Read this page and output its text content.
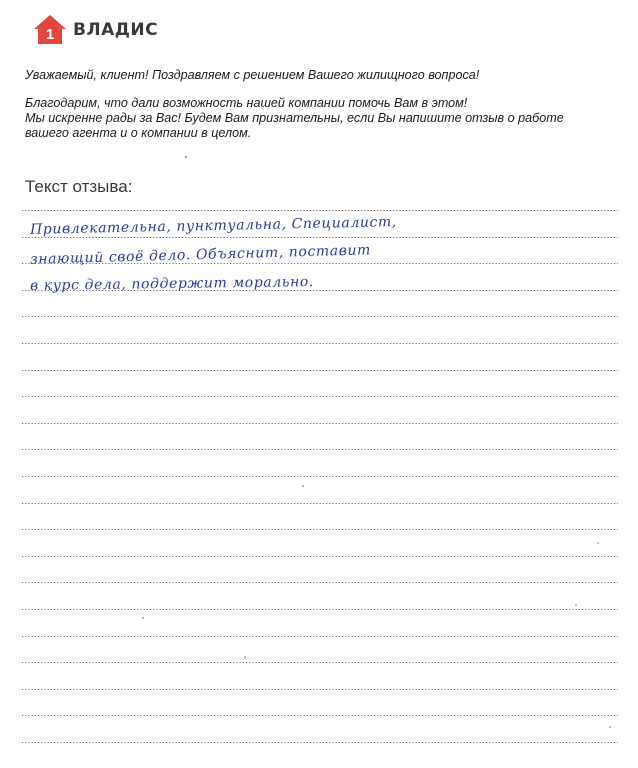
1 ВЛАДИС

Уважаемый, клиент! Поздравляем с решением Вашего жилищного вопроса!

Благодарим, что дали возможность нашей компании помочь Вам в этом!

Мы искренне рады за Вас! Будем Вам признательны, если Вы напишите отзыв о работе

вашего агента и о компании в целом.

Текст отзыва:
Привлекательна, пунктуальна, Специалист,
знающий своё дело. Объяснит, поставит
в курс дела, поддержит морально.
